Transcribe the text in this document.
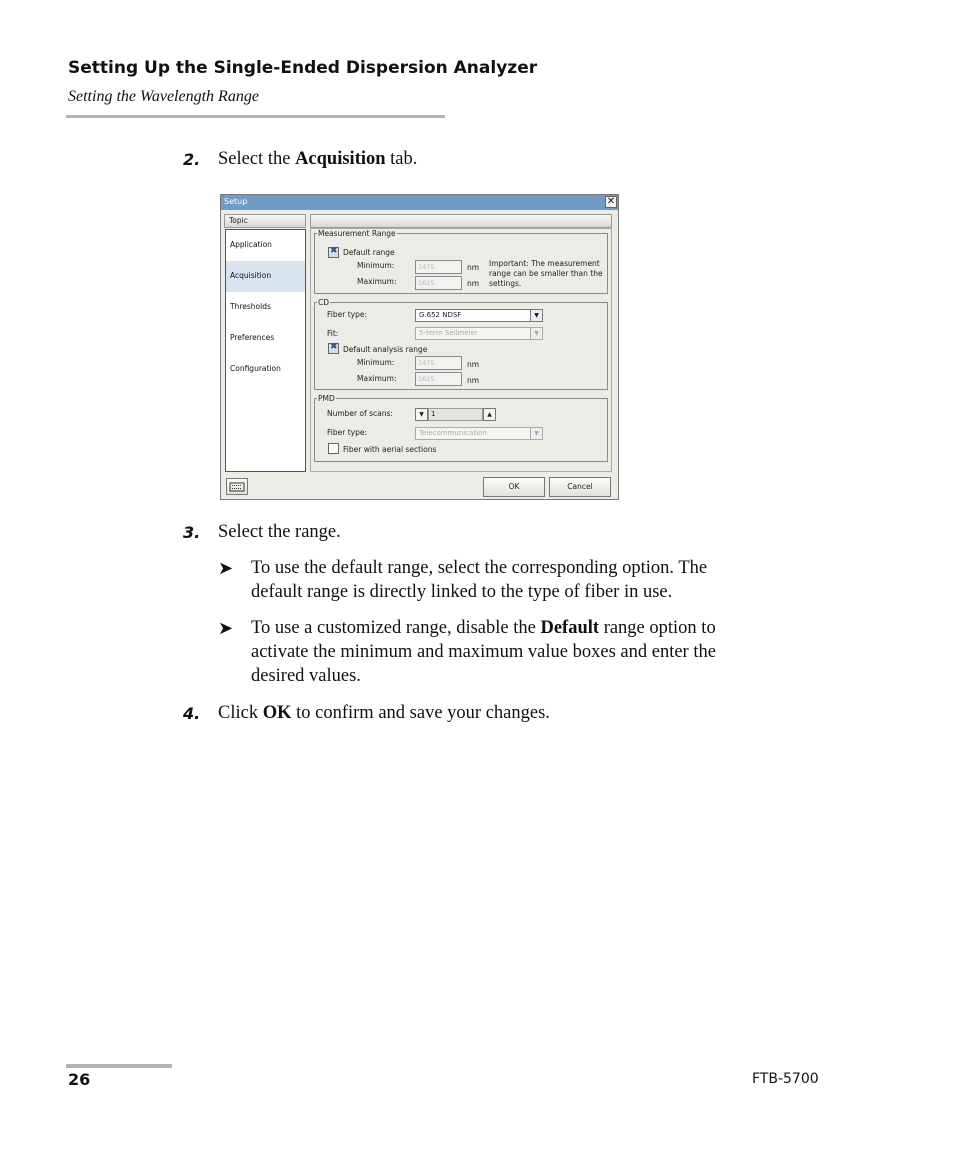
Setting Up the Single-Ended Dispersion Analyzer
Setting the Wavelength Range
2. Select the Acquisition tab.
Setup	✕
Topic
Application
Acquisition
Thresholds
Preferences
Configuration
Measurement Range
✖
Default range
Minimum:	1475	nm
Maximum:	1625	nm
Important: The measurement
range can be smaller than the
settings.
CD
Fiber type:	G.652 NDSF	▼
Fit:	5-term Sellmeier	▼
✖
Default analysis range
Minimum:	1475	nm
Maximum:	1625	nm
PMD
Number of scans:	▼	1	▲
Fiber type:	Telecommunication	▼
Fiber with aerial sections
OK	Cancel
3. Select the range.
➤ To use the default range, select the corresponding option. The
default range is directly linked to the type of fiber in use.
➤ To use a customized range, disable the Default range option to
activate the minimum and maximum value boxes and enter the
desired values.
4. Click OK to confirm and save your changes.
26	FTB-5700
